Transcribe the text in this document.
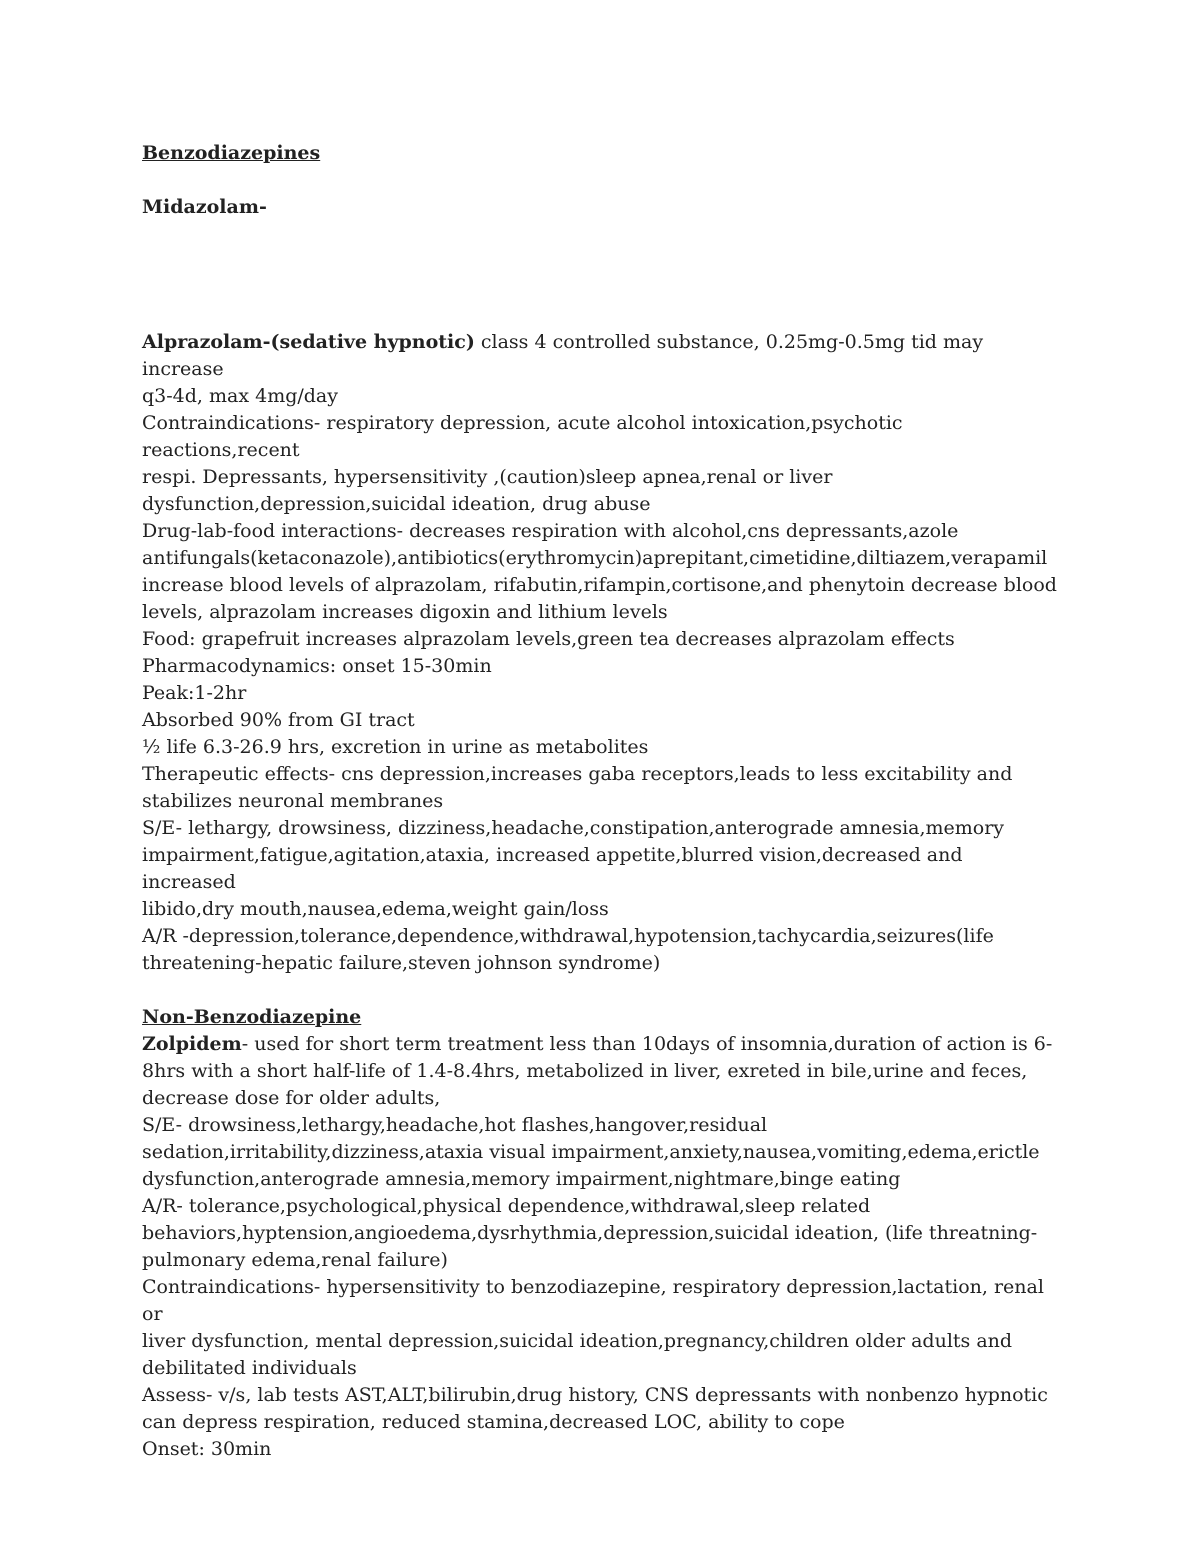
Benzodiazepines
Midazolam-
Alprazolam-(sedative hypnotic) class 4 controlled substance, 0.25mg-0.5mg tid may increase
q3-4d, max 4mg/day
Contraindications- respiratory depression, acute alcohol intoxication,psychotic reactions,recent
respi. Depressants, hypersensitivity ,(caution)sleep apnea,renal or liver
dysfunction,depression,suicidal ideation, drug abuse
Drug-lab-food interactions- decreases respiration with alcohol,cns depressants,azole
antifungals(ketaconazole),antibiotics(erythromycin)aprepitant,cimetidine,diltiazem,verapamil
increase blood levels of alprazolam, rifabutin,rifampin,cortisone,and phenytoin decrease blood
levels, alprazolam increases digoxin and lithium levels
Food: grapefruit increases alprazolam levels,green tea decreases alprazolam effects
Pharmacodynamics: onset 15-30min
Peak:1-2hr
Absorbed 90% from GI tract
½ life 6.3-26.9 hrs, excretion in urine as metabolites
Therapeutic effects- cns depression,increases gaba receptors,leads to less excitability and
stabilizes neuronal membranes
S/E- lethargy, drowsiness, dizziness,headache,constipation,anterograde amnesia,memory
impairment,fatigue,agitation,ataxia, increased appetite,blurred vision,decreased and increased
libido,dry mouth,nausea,edema,weight gain/loss
A/R -depression,tolerance,dependence,withdrawal,hypotension,tachycardia,seizures(life
threatening-hepatic failure,steven johnson syndrome)
Non-Benzodiazepine
Zolpidem- used for short term treatment less than 10days of insomnia,duration of action is 6-
8hrs with a short half-life of 1.4-8.4hrs, metabolized in liver, exreted in bile,urine and feces,
decrease dose for older adults,
S/E- drowsiness,lethargy,headache,hot flashes,hangover,residual
sedation,irritability,dizziness,ataxia visual impairment,anxiety,nausea,vomiting,edema,erictle
dysfunction,anterograde amnesia,memory impairment,nightmare,binge eating
A/R- tolerance,psychological,physical dependence,withdrawal,sleep related
behaviors,hyptension,angioedema,dysrhythmia,depression,suicidal ideation, (life threatning-
pulmonary edema,renal failure)
Contraindications- hypersensitivity to benzodiazepine, respiratory depression,lactation, renal or
liver dysfunction, mental depression,suicidal ideation,pregnancy,children older adults and
debilitated individuals
Assess- v/s, lab tests AST,ALT,bilirubin,drug history, CNS depressants with nonbenzo hypnotic
can depress respiration, reduced stamina,decreased LOC, ability to cope
Onset: 30min
